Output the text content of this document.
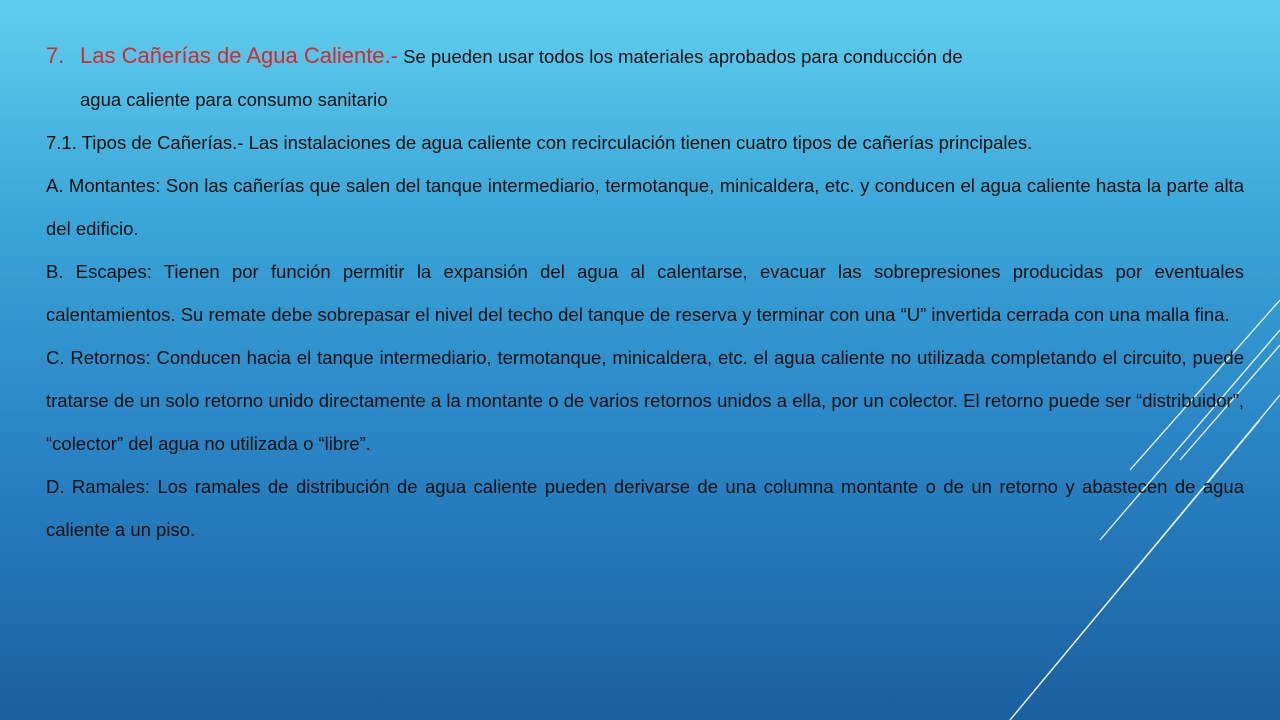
7. Las Cañerías de Agua Caliente.- Se pueden usar todos los materiales aprobados para conducción de

agua caliente para consumo sanitario

7.1. Tipos de Cañerías.- Las instalaciones de agua caliente con recirculación tienen cuatro tipos de cañerías principales.

A. Montantes: Son las cañerías que salen del tanque intermediario, termotanque, minicaldera, etc. y conducen el agua caliente hasta la parte alta del edificio.

B. Escapes: Tienen por función permitir la expansión del agua al calentarse, evacuar las sobrepresiones producidas por eventuales calentamientos. Su remate debe sobrepasar el nivel del techo del tanque de reserva y terminar con una “U” invertida cerrada con una malla fina.

C. Retornos: Conducen hacia el tanque intermediario, termotanque, minicaldera, etc. el agua caliente no utilizada completando el circuito, puede tratarse de un solo retorno unido directamente a la montante o de varios retornos unidos a ella, por un colector. El retorno puede ser “distribuidor”, “colector” del agua no utilizada o “libre”.

D. Ramales: Los ramales de distribución de agua caliente pueden derivarse de una columna montante o de un retorno y abastecen de agua caliente a un piso.
